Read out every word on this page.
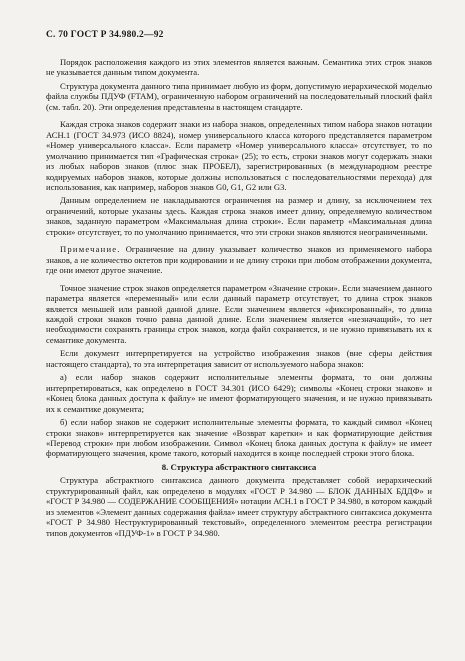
С. 70 ГОСТ Р 34.980.2—92

Порядок расположения каждого из этих элементов является важным. Семантика этих строк знаков не указывается данным типом документа.

Структура документа данного типа принимает любую из форм, допустимую иерархической моделью файла службы ПДУФ (FTAM), ограниченную набором ограничений на последовательный плоский файл (см. табл. 20). Эти определения представлены в настоящем стандарте.

Каждая строка знаков содержит знаки из набора знаков, определенных типом набора знаков нотации АСН.1 (ГОСТ 34.973 (ИСО 8824), номер универсального класса которого представляется параметром «Номер универсального класса». Если параметр «Номер универсального класса» отсутствует, то по умолчанию принимается тип «Графическая строка» (25); то есть, строки знаков могут содержать знаки из любых наборов знаков (плюс знак ПРОБЕЛ), зарегистрированных (в международном реестре кодируемых наборов знаков, которые должны использоваться с последовательностями перехода) для использования, как например, наборов знаков G0, G1, G2 или G3.

Данным определением не накладываются ограничения на размер и длину, за исключением тех ограничений, которые указаны здесь. Каждая строка знаков имеет длину, определяемую количеством знаков, заданную параметром «Максимальная длина строки». Если параметр «Максимальная длина строки» отсутствует, то по умолчанию принимается, что эти строки знаков являются неограниченными.

Примечание. Ограничение на длину указывает количество знаков из применяемого набора знаков, а не количество октетов при кодировании и не длину строки при любом отображении документа, где они имеют другое значение.

Точное значение строк знаков определяется параметром «Значение строки». Если значением данного параметра является «переменный» или если данный параметр отсутствует, то длина строк знаков является меньшей или равной данной длине. Если значением является «фиксированный», то длина каждой строки знаков точно равна данной длине. Если значением является «незначащий», то нет необходимости сохранять границы строк знаков, когда файл сохраняется, и не нужно привязывать их к семантике документа.

Если документ интерпретируется на устройство изображения знаков (вне сферы действия настоящего стандарта), то эта интерпретация зависит от используемого набора знаков:

а) если набор знаков содержит исполнительные элементы формата, то они должны интерпретироваться, как определено в ГОСТ 34.301 (ИСО 6429); символы «Конец строки знаков» и «Конец блока данных доступа к файлу» не имеют форматирующего значения, и не нужно привязывать их к семантике документа;

б) если набор знаков не содержит исполнительные элементы формата, то каждый символ «Конец строки знаков» интерпретируется как значение «Возврат каретки» и как форматирующие действия «Перевод строки» при любом изображении. Символ «Конец блока данных доступа к файлу» не имеет форматирующего значения, кроме такого, который находится в конце последней строки этого блока.

8. Структура абстрактного синтаксиса

Структура абстрактного синтаксиса данного документа представляет собой иерархический структурированный файл, как определено в модулях «ГОСТ Р 34.980 — БЛОК ДАННЫХ БДДФ» и «ГОСТ Р 34.980 — СОДЕРЖАНИЕ СООБЩЕНИЯ» нотации АСН.1 в ГОСТ Р 34.980, в котором каждый из элементов «Элемент данных содержания файла» имеет структуру абстрактного синтаксиса документа «ГОСТ Р 34.980 Неструктурированный текстовый», определенного элементом реестра регистрации типов документов «ПДУФ-1» в ГОСТ Р 34.980.
